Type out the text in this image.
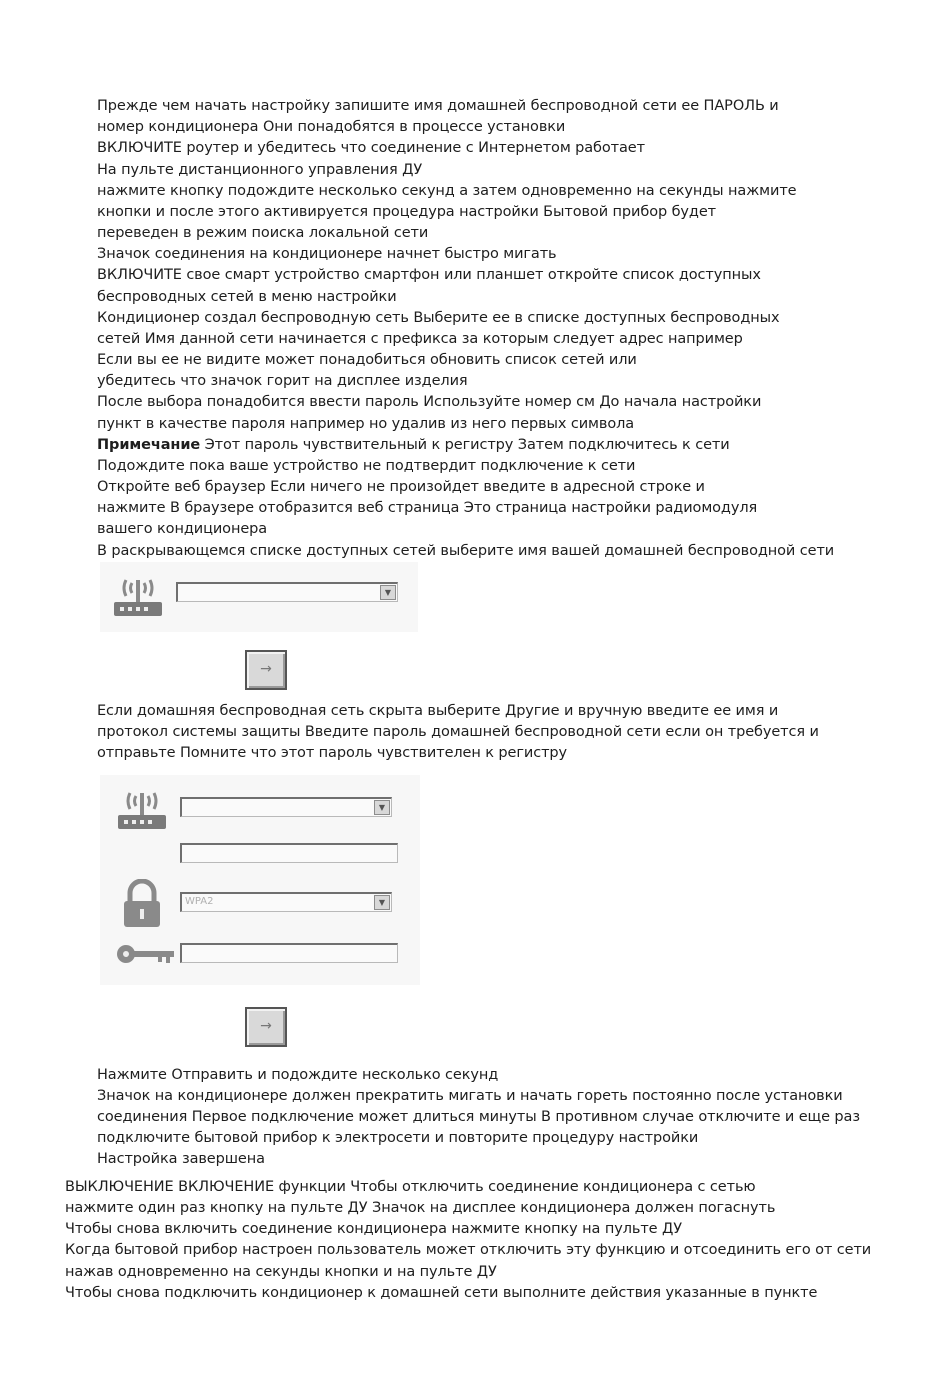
Прежде чем начать настройку запишите имя домашней беспроводной сети ее ПАРОЛЬ и
номер кондиционера Они понадобятся в процессе установки
ВКЛЮЧИТЕ роутер и убедитесь что соединение с Интернетом работает
На пульте дистанционного управления ДУ
нажмите кнопку подождите несколько секунд а затем одновременно на секунды нажмите
кнопки и после этого активируется процедура настройки Бытовой прибор будет
переведен в режим поиска локальной сети
Значок соединения на кондиционере начнет быстро мигать
ВКЛЮЧИТЕ свое смарт устройство смартфон или планшет откройте список доступных
беспроводных сетей в меню настройки
Кондиционер создал беспроводную сеть Выберите ее в списке доступных беспроводных
сетей Имя данной сети начинается с префикса за которым следует адрес например
Если вы ее не видите может понадобиться обновить список сетей или
убедитесь что значок горит на дисплее изделия
После выбора понадобится ввести пароль Используйте номер см До начала настройки
пункт в качестве пароля например но удалив из него первых символа
Примечание Этот пароль чувствительный к регистру Затем подключитесь к сети
Подождите пока ваше устройство не подтвердит подключение к сети
Откройте веб браузер Если ничего не произойдет введите в адресной строке и
нажмите В браузере отобразится веб страница Это страница настройки радиомодуля
вашего кондиционера
В раскрывающемся списке доступных сетей выберите имя вашей домашней беспроводной сети
Если домашняя беспроводная сеть скрыта выберите Другие и вручную введите ее имя и
протокол системы защиты Введите пароль домашней беспроводной сети если он требуется и
отправьте Помните что этот пароль чувствителен к регистру
Нажмите Отправить и подождите несколько секунд
Значок на кондиционере должен прекратить мигать и начать гореть постоянно после установки
соединения Первое подключение может длиться минуты В противном случае отключите и еще раз
подключите бытовой прибор к электросети и повторите процедуру настройки
Настройка завершена
ВЫКЛЮЧЕНИЕ ВКЛЮЧЕНИЕ функции Чтобы отключить соединение кондиционера с сетью
нажмите один раз кнопку на пульте ДУ Значок на дисплее кондиционера должен погаснуть
Чтобы снова включить соединение кондиционера нажмите кнопку на пульте ДУ
Когда бытовой прибор настроен пользователь может отключить эту функцию и отсоединить его от сети
нажав одновременно на секунды кнопки и на пульте ДУ
Чтобы снова подключить кондиционер к домашней сети выполните действия указанные в пункте
▼
→
▼
WPA2	▼
→
